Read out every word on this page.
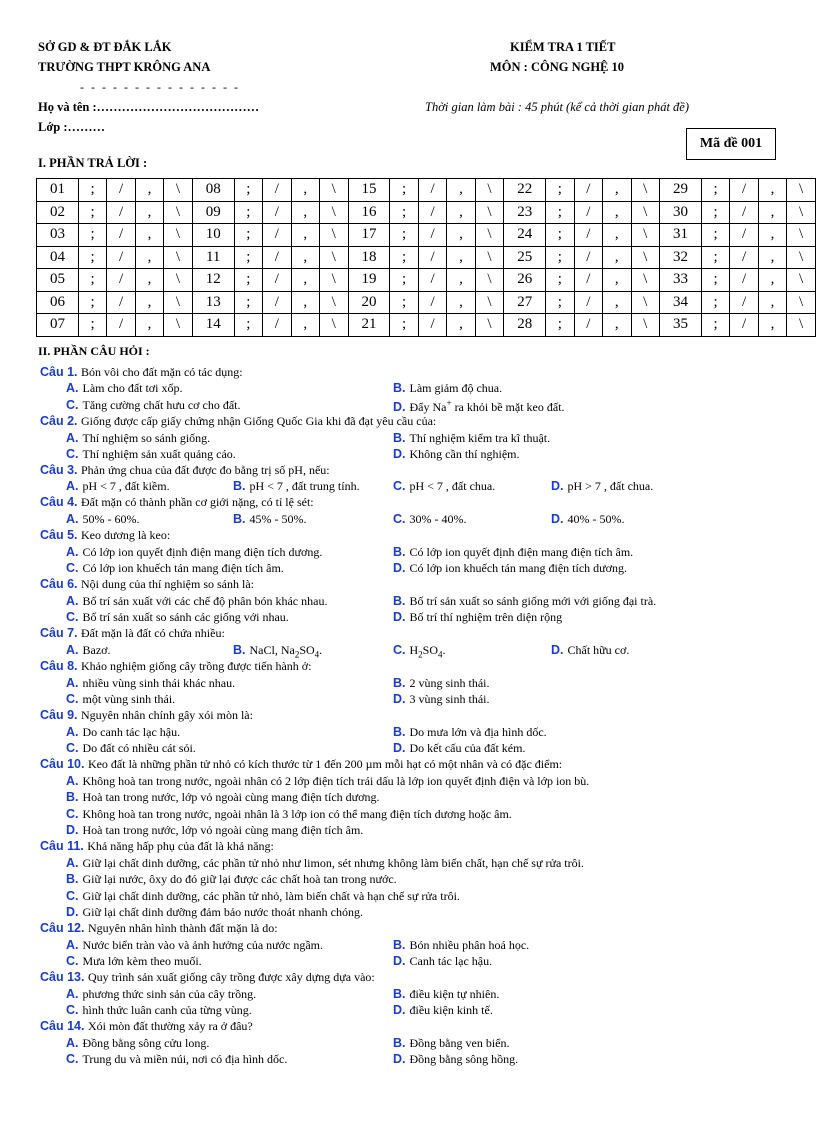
SỞ GD & ĐT ĐẮK LẮK
TRƯỜNG THPT KRÔNG ANA
- - - - - - - - - - - - - - -
KIỂM TRA 1 TIẾT
MÔN : CÔNG NGHỆ 10
Họ và tên :…………………………………
Lớp :………
Thời gian làm bài : 45 phút (kể cả thời gian phát đề)
Mã đề 001
I. PHẦN TRẢ LỜI :
01	;	/	,	\	08	;	/	,	\	15	;	/	,	\	22	;	/	,	\	29	;	/	,	\
02	;	/	,	\	09	;	/	,	\	16	;	/	,	\	23	;	/	,	\	30	;	/	,	\
03	;	/	,	\	10	;	/	,	\	17	;	/	,	\	24	;	/	,	\	31	;	/	,	\
04	;	/	,	\	11	;	/	,	\	18	;	/	,	\	25	;	/	,	\	32	;	/	,	\
05	;	/	,	\	12	;	/	,	\	19	;	/	,	\	26	;	/	,	\	33	;	/	,	\
06	;	/	,	\	13	;	/	,	\	20	;	/	,	\	27	;	/	,	\	34	;	/	,	\
07	;	/	,	\	14	;	/	,	\	21	;	/	,	\	28	;	/	,	\	35	;	/	,	\
II. PHẦN CÂU HỎI :
Câu 1. Bón vôi cho đất mặn có tác dụng:
A. Làm cho đất tơi xốp.	B. Làm giảm độ chua.
C. Tăng cường chất hưu cơ cho đất.	D. Đẩy Na+ ra khỏi bề mặt keo đất.
Câu 2. Giống được cấp giấy chứng nhận Giống Quốc Gia khi đã đạt yêu cầu của:
A. Thí nghiệm so sánh giống.	B. Thí nghiệm kiểm tra kĩ thuật.
C. Thí nghiệm sản xuất quảng cáo.	D. Không cần thí nghiệm.
Câu 3. Phản ứng chua của đất được đo bằng trị số pH, nếu:
A. pH < 7 , đất kiềm.	B. pH < 7 , đất trung tính.	C. pH < 7 , đất chua.	D. pH > 7 , đất chua.
Câu 4. Đất mặn có thành phần cơ giới nặng, có tỉ lệ sét:
A. 50% - 60%.	B. 45% - 50%.	C. 30% - 40%.	D. 40% - 50%.
Câu 5. Keo dương là keo:
A. Có lớp ion quyết định điện mang điện tích dương.	B. Có lớp ion quyết định điện mang điện tích âm.
C. Có lớp ion khuếch tán mang điện tích âm.	D. Có lớp ion khuếch tán mang điện tích dương.
Câu 6. Nội dung của thí nghiệm so sánh là:
A. Bố trí sản xuất với các chế độ phân bón khác nhau.	B. Bố trí sản xuất so sánh giống mới với giống đại trà.
C. Bố trí sản xuất so sánh các giống với nhau.	D. Bố trí thí nghiệm trên diện rộng
Câu 7. Đất mặn là đất có chứa nhiều:
A. Bazơ.	B. NaCl, $Na_2SO_4$.	C. $H_2SO_4$.	D. Chất hữu cơ.
Câu 8. Khảo nghiệm giống cây trồng được tiến hành ở:
A. nhiều vùng sinh thái khác nhau.	B. 2 vùng sinh thái.
C. một vùng sinh thái.	D. 3 vùng sinh thái.
Câu 9. Nguyên nhân chính gây xói mòn là:
A. Do canh tác lạc hậu.	B. Do mưa lớn và địa hình dốc.
C. Do đất có nhiều cát sỏi.	D. Do kết cấu của đất kém.
Câu 10. Keo đất là những phần tử nhỏ có kích thước từ 1 đến 200 µm mỗi hạt có một nhân và có đặc điểm:
A. Không hoà tan trong nước, ngoài nhân có 2 lớp điện tích trái dấu là lớp ion quyết định điện và lớp ion bù.
B. Hoà tan trong nước, lớp vỏ ngoài cùng mang điện tích dương.
C. Không hoà tan trong nước, ngoài nhân là 3 lớp ion có thể mang điện tích dương hoặc âm.
D. Hoà tan trong nước, lớp vỏ ngoài cùng mang điện tích âm.
Câu 11. Khả năng hấp phụ của đất là khả năng:
A. Giữ lại chất dinh dưỡng, các phần tử nhỏ như limon, sét nhưng không làm biến chất, hạn chế sự rửa trôi.
B. Giữ lại nước, ôxy do đó giữ lại được các chất hoà tan trong nước.
C. Giữ lại chất dinh dưỡng, các phần tử nhỏ, làm biến chất và hạn chế sự rửa trôi.
D. Giữ lại chất dinh dưỡng đảm bảo nước thoát nhanh chóng.
Câu 12. Nguyên nhân hình thành đất mặn là do:
A. Nước biển tràn vào và ảnh hưởng của nước ngầm.	B. Bón nhiều phân hoá học.
C. Mưa lớn kèm theo muối.	D. Canh tác lạc hậu.
Câu 13. Quy trình sản xuất giống cây trồng được xây dựng dựa vào:
A. phương thức sinh sản của cây trồng.	B. điều kiện tự nhiên.
C. hình thức luân canh của từng vùng.	D. điều kiện kinh tế.
Câu 14. Xói mòn đất thường xảy ra ở đâu?
A. Đồng bằng sông cửu long.	B. Đồng bằng ven biển.
C. Trung du và miền núi, nơi có địa hình dốc.	D. Đồng bằng sông hồng.
